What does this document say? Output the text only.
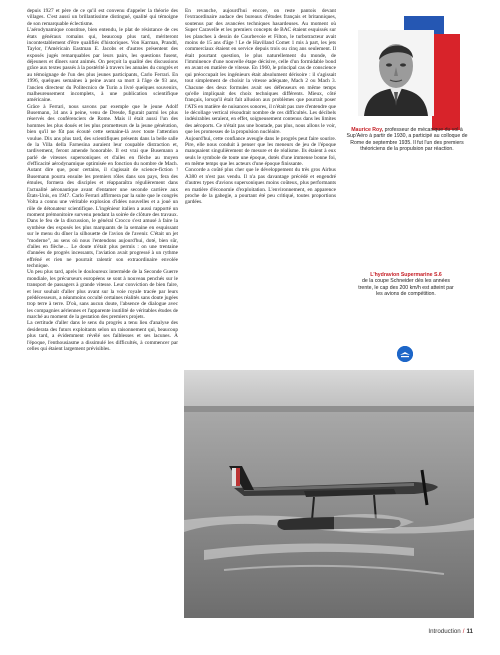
depuis 1927 et père de ce qu'il est convenu d'appeler la théorie des villages. C'est aussi un brillantissime distingué, qualité qui témoigne de son remarquable éclectisme.

L'aérodynamique constitue, bien entendu, le plat de résistance de ces états généraux romains qui, beaucoup plus tard, mériteront incontestablement d'être qualifiés d'historiques. Von Karman, Prandtl, Taylor, l'Américain Eastman E. Jacobs et d'autres présentent des exposés jugés remarquables par leurs pairs, les questions fusent, déjeuners et dîners sont animés. On perçoit la qualité des discussions grâce aux textes passés à la postérité à travers les annales du congrès et au témoignage de l'un des plus jeunes participants, Carlo Ferrari. En 1996, quelques semaines à peine avant sa mort à l'âge de 93 ans, l'ancien directeur du Politecnico de Turin a livré quelques souvenirs, malheureusement incomplets, à une publication scientifique américaine.

Grâce à Ferrari, nous savons par exemple que le jeune Adolf Busemann, 34 ans à peine, venu de Dresde, figurait parmi les plus réservés des conférenciers de Rome. Mais il était aussi l'un des hommes les plus doués et les plus prometteurs de la jeune génération, bien qu'il ne fût pas écouté cette semaine-là avec toute l'attention voulue. Dix ans plus tard, des scientifiques présents dans la belle salle de la Villa della Farnesina auraient leur coupable distraction et, tardivement, feront amende honorable. Il est vrai que Busemann a parlé de vitesses supersoniques et d'ailes en flèche au moyen d'efficacité aérodynamique optimisée en fonction du nombre de Mach. Autant dire que, pour certains, il s'agissait de science-fiction ! Busemann pourra ensuite les premiers rôles dans son pays, fera des émules, formera des disciples et réapparaîtra régulièrement dans l'actualité aéronautique avant d'entamer une seconde carrière aux États-Unis, en 1947. Carlo Ferrari affirmera par la suite que le congrès Volta a connu une véritable explosion d'idées nouvelles et a joué un rôle de détonateur scientifique. L'ingénieur italien a aussi rapporté un moment prémonitoire survenu pendant la soirée de clôture des travaux. Dans le feu de la discussion, le général Crocco s'est amusé à faire la synthèse des exposés les plus marquants de la semaine en esquissant sur le menu du dîner la silhouette de l'avion de l'avenir. C'était un jet "moderne", au sens où nous l'entendons aujourd'hui, doté, bien sûr, d'ailes en flèche… Le doute n'était plus permis : on une trentaine d'années de progrès incessants, l'aviation avait progressé à un rythme effréné et rien ne pourrait ralentir son extraordinaire envolée technique.

Un peu plus tard, après le douloureux intermède de la Seconde Guerre mondiale, les précurseurs européens se sont à nouveau penchés sur le transport de passagers à grande vitesse. Leur conviction de bien faire, et leur souhait d'aller plus avant sur la voie royale tracée par leurs prédécesseurs, a néanmoins occulté certaines réalités sans doute jugées trop terre à terre. D'où, sans aucun doute, l'absence de dialogue avec les compagnies aériennes et l'apparente inutilité de véritables études de marché au moment de la gestation des premiers projets.

La certitude d'aller dans le sens du progrès a tenu lieu d'analyse des desiderata des futurs exploitants selon un raisonnement qui, beaucoup plus tard, a évidemment révélé ses faiblesses et ses lacunes. À l'époque, l'enthousiasme a dissimulé les difficultés, à commencer par celles qui étaient largement prévisibles.

En revanche, aujourd'hui encore, on reste pantois devant l'extraordinaire audace des bureaux d'études français et britanniques, soutenus par des avancées techniques hasardeuses. Au moment où Super Caravelle et les premiers concepts de BAC étaient esquissés sur les planches à dessin de Courbevoie et Filton, le turbotracteur avait moins de 15 ans d'âge ! Le de Havilland Comet 1 mis à part, les jets commerciaux étaient en service depuis trois ou cinq ans seulement. Il était pourtant question, le plus naturellement du monde, de l'imminence d'une nouvelle étape décisive, celle d'un formidable bond en avant en matière de vitesse. En 1960, le principal cas de conscience qui préoccupait les ingénieurs était absolument dérisoire : il s'agissait tout simplement de choisir la vitesse adéquate, Mach 2 ou Mach 3. Chacune des deux formules avait ses défenseurs en même temps qu'elle impliquait des choix techniques différents. Mieux, côté français, lorsqu'il était fait allusion aux problèmes que pourrait poser l'ATS en matière de nuisances sonores, il n'était pas rare d'entendre que le décollage vertical résoudrait nombre de ces difficultés. Les décibels indésirables seraient, en effet, soigneusement contenus dans les limites des aéroports. Ce n'était pas une boutade, pas plus, nous allons le voir, que les promesses de la propulsion nucléaire.

Aujourd'hui, cette confiance aveugle dans le progrès peut faire sourire. Pire, elle nous conduit à penser que les meneurs de jeu de l'époque manquaient singulièrement de mesure et de réalisme. Ils étaient à eux seuls le symbole de toute une époque, dotés d'une immense bonne foi, en même temps que les acteurs d'une époque finissante.

Concorde a coûté plus cher que le développement du très gros Airbus A380 et n'est pas vendu. Il n'a pas davantage précédé et engendré d'autres types d'avions supersoniques moins coûteux, plus performants en matière d'économie d'exploitation. L'environnement, en apparence proche de la gabegie, a pourtant été peu critiqué, toutes proportions gardées.

Maurice Roy, professeur de mécanique du vol à Sup'Aéro à partir de 1930, a participé au colloque de Rome de septembre 1935. Il fut l'un des premiers théoriciens de la propulsion par réaction.
L'hydravion Supermarine S.6
de la coupe Schneider dès les années trente, le cap des 200 km/h est atteint par les avions de compétition.
Introduction / 11
